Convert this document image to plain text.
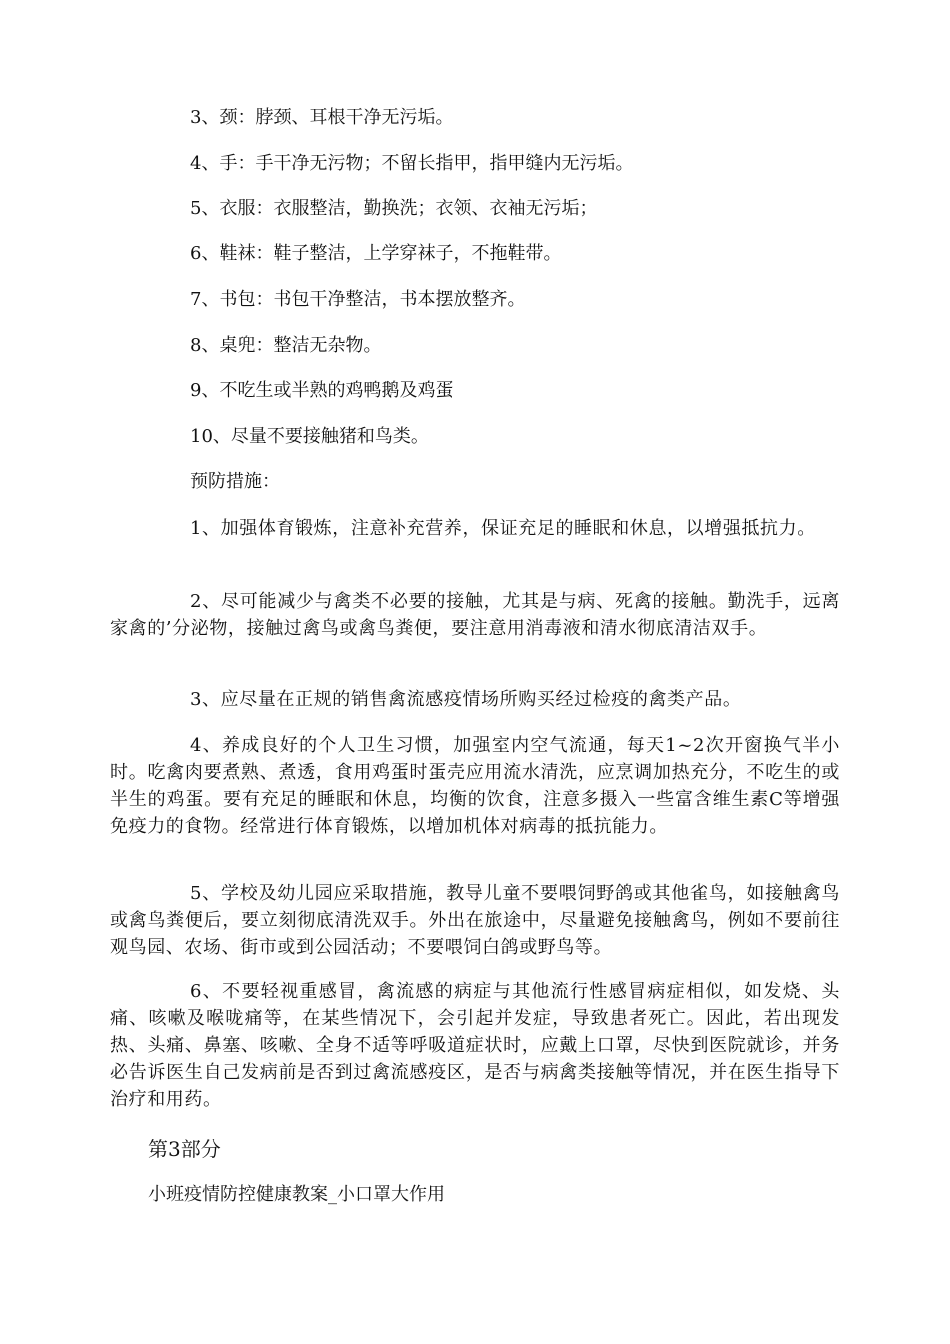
3、颈：脖颈、耳根干净无污垢。

4、手：手干净无污物；不留长指甲，指甲缝内无污垢。

5、衣服：衣服整洁，勤换洗；衣领、衣袖无污垢；

6、鞋袜：鞋子整洁，上学穿袜子，不拖鞋带。

7、书包：书包干净整洁，书本摆放整齐。

8、桌兜：整洁无杂物。

9、不吃生或半熟的鸡鸭鹅及鸡蛋

10、尽量不要接触猪和鸟类。

预防措施：

1、加强体育锻炼，注意补充营养，保证充足的睡眠和休息，以增强抵抗力。

2、尽可能减少与禽类不必要的接触，尤其是与病、死禽的接触。勤洗手，远离家禽的’分泌物，接触过禽鸟或禽鸟粪便，要注意用消毒液和清水彻底清洁双手。

3、应尽量在正规的销售禽流感疫情场所购买经过检疫的禽类产品。

4、养成良好的个人卫生习惯，加强室内空气流通，每天1~2次开窗换气半小时。吃禽肉要煮熟、煮透，食用鸡蛋时蛋壳应用流水清洗，应烹调加热充分，不吃生的或半生的鸡蛋。要有充足的睡眠和休息，均衡的饮食，注意多摄入一些富含维生素C等增强免疫力的食物。经常进行体育锻炼，以增加机体对病毒的抵抗能力。

5、学校及幼儿园应采取措施，教导儿童不要喂饲野鸽或其他雀鸟，如接触禽鸟或禽鸟粪便后，要立刻彻底清洗双手。外出在旅途中，尽量避免接触禽鸟，例如不要前往观鸟园、农场、街市或到公园活动；不要喂饲白鸽或野鸟等。

6、不要轻视重感冒，禽流感的病症与其他流行性感冒病症相似，如发烧、头痛、咳嗽及喉咙痛等，在某些情况下，会引起并发症，导致患者死亡。因此，若出现发热、头痛、鼻塞、咳嗽、全身不适等呼吸道症状时，应戴上口罩，尽快到医院就诊，并务必告诉医生自己发病前是否到过禽流感疫区，是否与病禽类接触等情况，并在医生指导下治疗和用药。

第3部分

小班疫情防控健康教案_小口罩大作用
